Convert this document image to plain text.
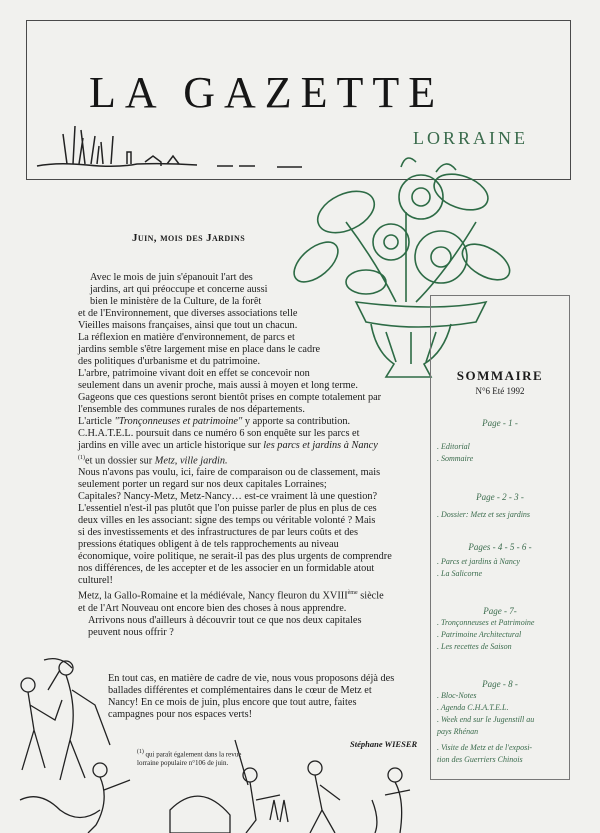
LA GAZETTE
LORRAINE
Juin, mois des Jardins

Avec le mois de juin s'épanouit l'art des

jardins, art qui préoccupe et concerne aussi

bien le ministère de la Culture, de la forêt

et de l'Environnement, que diverses associations telle

Vieilles maisons françaises, ainsi que tout un chacun.

La réflexion en matière d'environnement, de parcs et

jardins semble s'être largement mise en place dans le cadre

des politiques d'urbanisme et du patrimoine.

L'arbre, patrimoine vivant doit en effet se concevoir non

seulement dans un avenir proche, mais aussi à moyen et long terme.

Gageons que ces questions seront bientôt prises en compte totalement par

l'ensemble des communes rurales de nos départements.

L'article "Tronçonneuses et patrimoine" y apporte sa contribution.

C.H.A.T.E.L. poursuit dans ce numéro 6 son enquête sur les parcs et

jardins en ville avec un article historique sur les parcs et jardins à Nancy

$^{(1)}$et un dossier sur Metz, ville jardin.

Nous n'avons pas voulu, ici, faire de comparaison ou de classement, mais

seulement porter un regard sur nos deux capitales Lorraines;

Capitales? Nancy-Metz, Metz-Nancy… est-ce vraiment là une question?

L'essentiel n'est-il pas plutôt que l'on puisse parler de plus en plus de ces

deux villes en les associant: signe des temps ou véritable volonté ? Mais

si des investissements et des infrastructures de par leurs coûts et des

pressions étatiques obligent à de tels rapprochements au niveau

économique, voire politique, ne serait-il pas des plus urgents de comprendre

nos différences, de les accepter et de les associer en un formidable atout

culturel!

Metz, la Gallo-Romaine et la médiévale, Nancy fleuron du XVIIIème siècle

et de l'Art Nouveau ont encore bien des choses à nous apprendre.

Arrivons nous d'ailleurs à découvrir tout ce que nos deux capitales

peuvent nous offrir ?

En tout cas, en matière de cadre de vie, nous vous proposons déjà des

ballades différentes et complémentaires dans le cœur de Metz et

Nancy! En ce mois de juin, plus encore que tout autre, faites

campagnes pour nos espaces verts!

$^{(1)}$ qui paraît également dans la revue

lorraine populaire n°106 de juin.

Stéphane WIESER
SOMMAIRE
N°6 Eté 1992
Page - 1 -
. Editorial
. Sommaire
Page - 2 - 3 -
. Dossier: Metz et ses jardins
Pages - 4 - 5 - 6 -
. Parcs et jardins à Nancy
. La Salicorne
Page - 7-
. Tronçonneuses et Patrimoine
. Patrimoine Architectural
. Les recettes de Saison
Page - 8 -
. Bloc-Notes
. Agenda C.H.A.T.E.L.
. Week end sur le Jugenstill au
pays Rhénan
. Visite de Metz et de l'exposi-
tion des Guerriers Chinois
